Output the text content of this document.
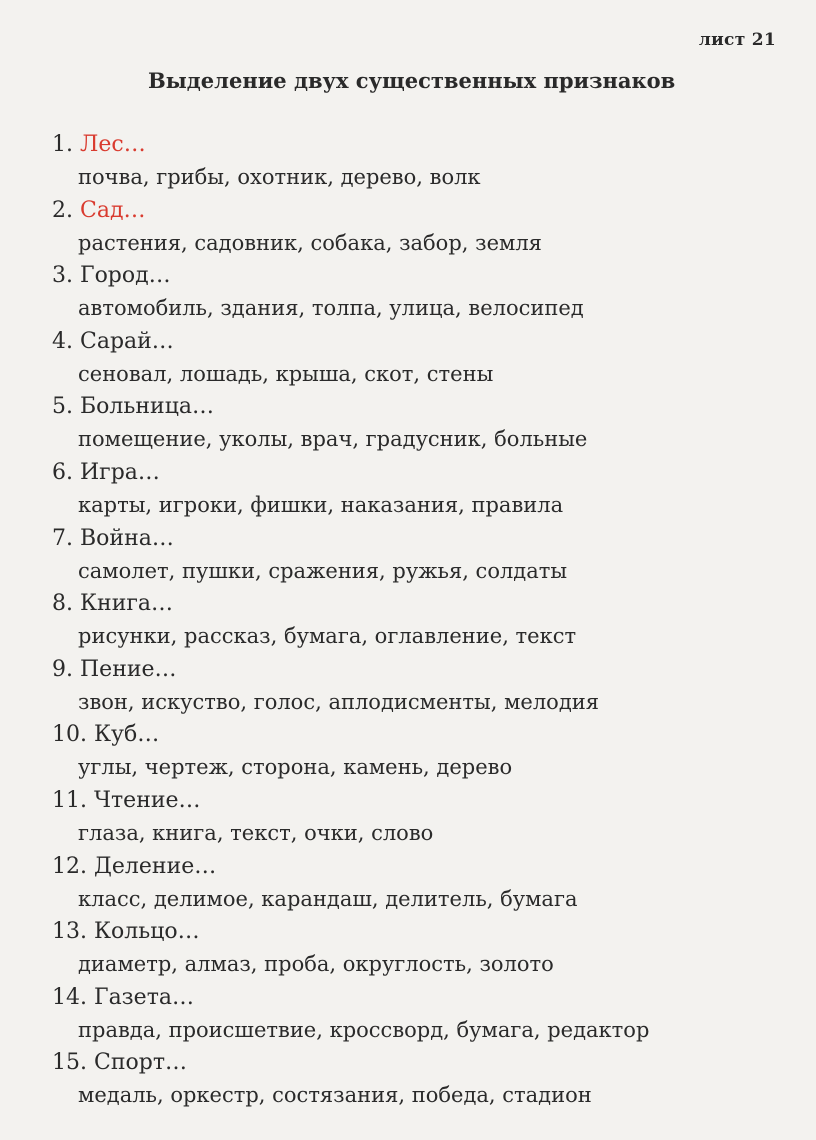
лист 21
Выделение двух существенных признаков
1. Лес…
почва, грибы, охотник, дерево, волк
2. Сад…
растения, садовник, собака, забор, земля
3. Город…
автомобиль, здания, толпа, улица, велосипед
4. Сарай…
сеновал, лошадь, крыша, скот, стены
5. Больница…
помещение, уколы, врач, градусник, больные
6. Игра…
карты, игроки, фишки, наказания, правила
7. Война…
самолет, пушки, сражения, ружья, солдаты
8. Книга…
рисунки, рассказ, бумага, оглавление, текст
9. Пение…
звон, искуство, голос, аплодисменты, мелодия
10. Куб…
углы, чертеж, сторона, камень, дерево
11. Чтение…
глаза, книга, текст, очки, слово
12. Деление…
класс, делимое, карандаш, делитель, бумага
13. Кольцо…
диаметр, алмаз, проба, округлость, золото
14. Газета…
правда, происшетвие, кроссворд, бумага, редактор
15. Спорт…
медаль, оркестр, состязания, победа, стадион
